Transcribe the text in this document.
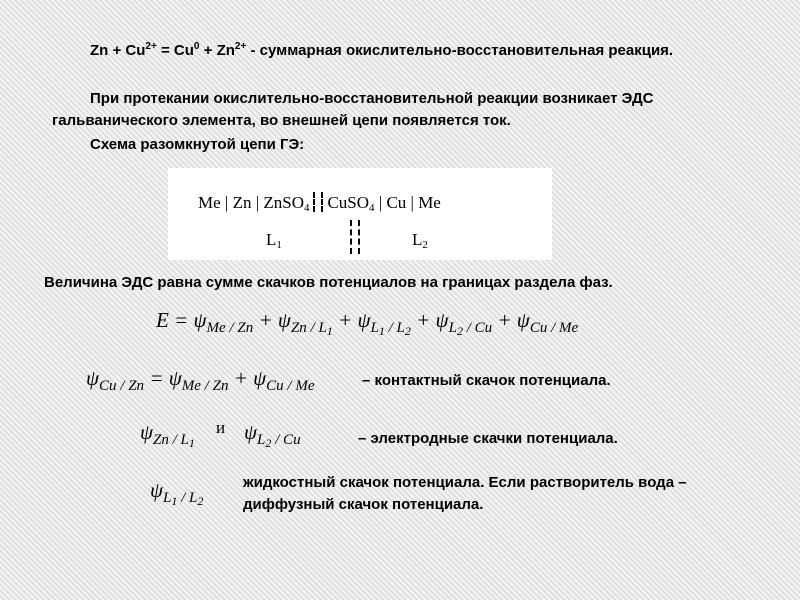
$Zn + Cu^{2+} = Cu^0 + Zn^{2+}$ - суммарная окислительно-восстановительная реакция.
При протекании окислительно-восстановительной реакции возникает ЭДС гальванического элемента, во внешней цепи появляется ток.
Схема разомкнутой цепи ГЭ:
Me | Zn | ZnSO$_4$ CuSO$_4$ | Cu | Me
$L_1$	$L_2$
Величина ЭДС равна сумме скачков потенциалов на границах раздела фаз.
$E = \psi_{Me / Zn} + \psi_{Zn / L_1} + \psi_{L_1 / L_2} + \psi_{L_2 / Cu} + \psi_{Cu / Me}$
$\psi_{Cu / Zn} = \psi_{Me / Zn} + \psi_{Cu / Me}$	– контактный скачок потенциала.
$\psi_{Zn / L_1}$
и $\psi_{L_2 / Cu}$	– электродные скачки потенциала.
$\psi_{L_1 / L_2}$
жидкостный скачок потенциала. Если растворитель вода – диффузный скачок потенциала.
